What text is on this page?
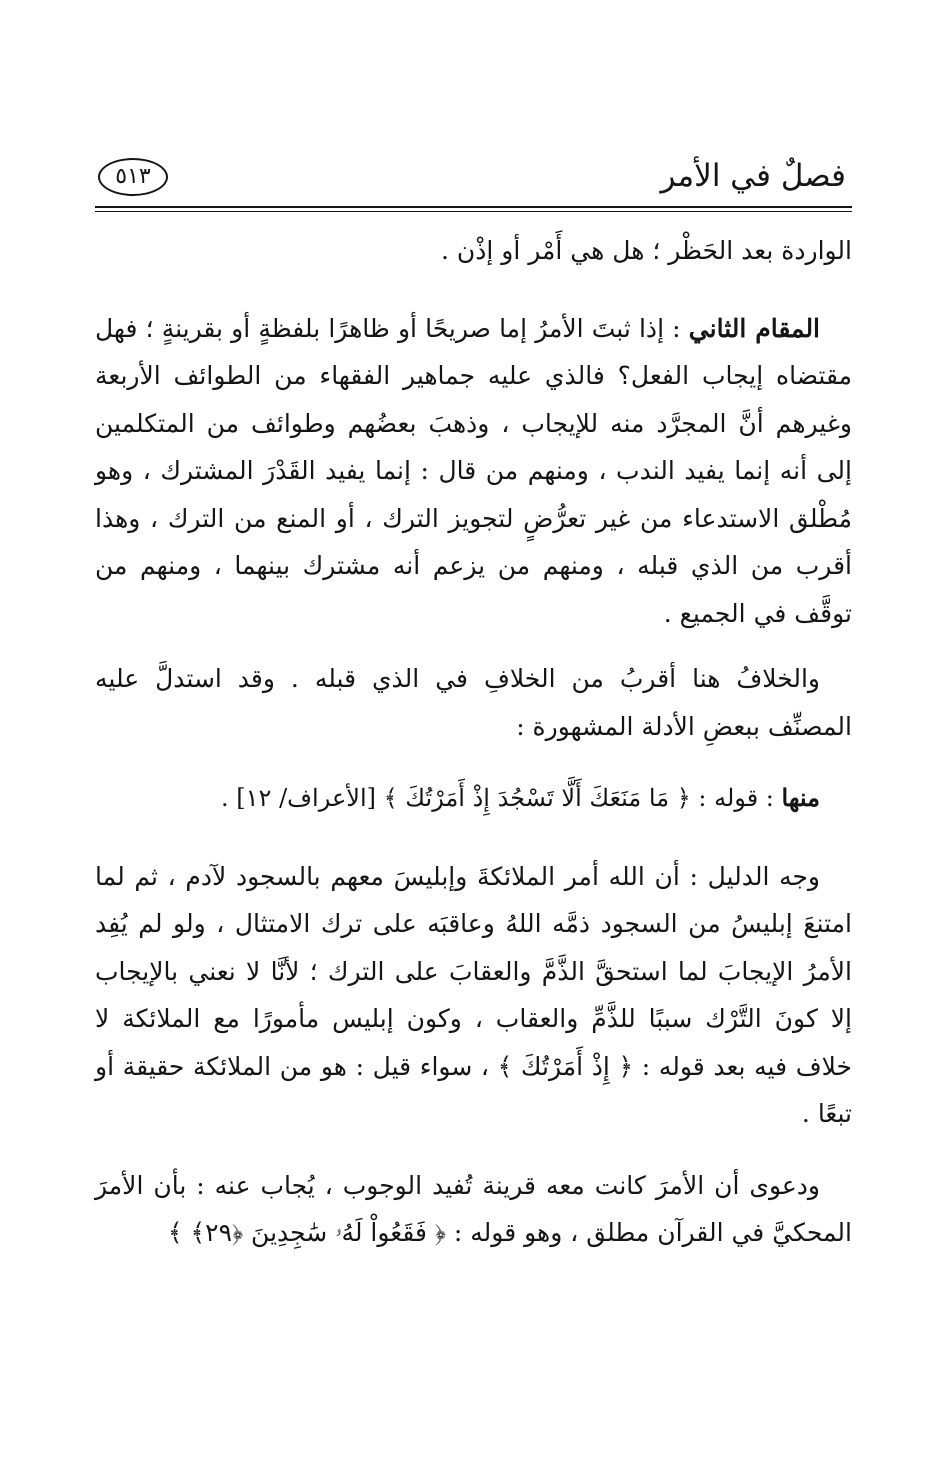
فصلٌ في الأمر
٥١٣

الواردة بعد الحَظْر ؛ هل هي أَمْر أو إذْن .

المقام الثاني : إذا ثبتَ الأمرُ إما صريحًا أو ظاهرًا بلفظةٍ أو بقرينةٍ ؛ فهل مقتضاه إيجاب الفعل؟ فالذي عليه جماهير الفقهاء من الطوائف الأربعة وغيرهم أنَّ المجرَّد منه للإيجاب ، وذهبَ بعضُهم وطوائف من المتكلمين إلى أنه إنما يفيد الندب ، ومنهم من قال : إنما يفيد القَدْرَ المشترك ، وهو مُطْلق الاستدعاء من غير تعرُّضٍ لتجويز الترك ، أو المنع من الترك ، وهذا أقرب من الذي قبله ، ومنهم من يزعم أنه مشترك بينهما ، ومنهم من توقَّف في الجميع .

والخلافُ هنا أقربُ من الخلافِ في الذي قبله . وقد استدلَّ عليه المصنِّف ببعضِ الأدلة المشهورة :

منها : قوله : ﴿ مَا مَنَعَكَ أَلَّا تَسْجُدَ إِذْ أَمَرْتُكَ ﴾ [الأعراف/ ١٢] .

وجه الدليل : أن الله أمر الملائكةَ وإبليسَ معهم بالسجود لآدم ، ثم لما امتنعَ إبليسُ من السجود ذمَّه اللهُ وعاقبَه على ترك الامتثال ، ولو لم يُفِد الأمرُ الإيجابَ لما استحقَّ الذَّمَّ والعقابَ على الترك ؛ لأنَّا لا نعني بالإيجاب إلا كونَ التَّرْك سببًا للذَّمِّ والعقاب ، وكون إبليس مأمورًا مع الملائكة لا خلاف فيه بعد قوله : ﴿ إِذْ أَمَرْتُكَ ﴾ ، سواء قيل : هو من الملائكة حقيقة أو تبعًا .

ودعوى أن الأمرَ كانت معه قرينة تُفيد الوجوب ، يُجاب عنه : بأن الأمرَ المحكيَّ في القرآن مطلق ، وهو قوله : ﴿ فَقَعُواْ لَهُۥ سَٰجِدِينَ ﴿٢٩﴾ ﴾
